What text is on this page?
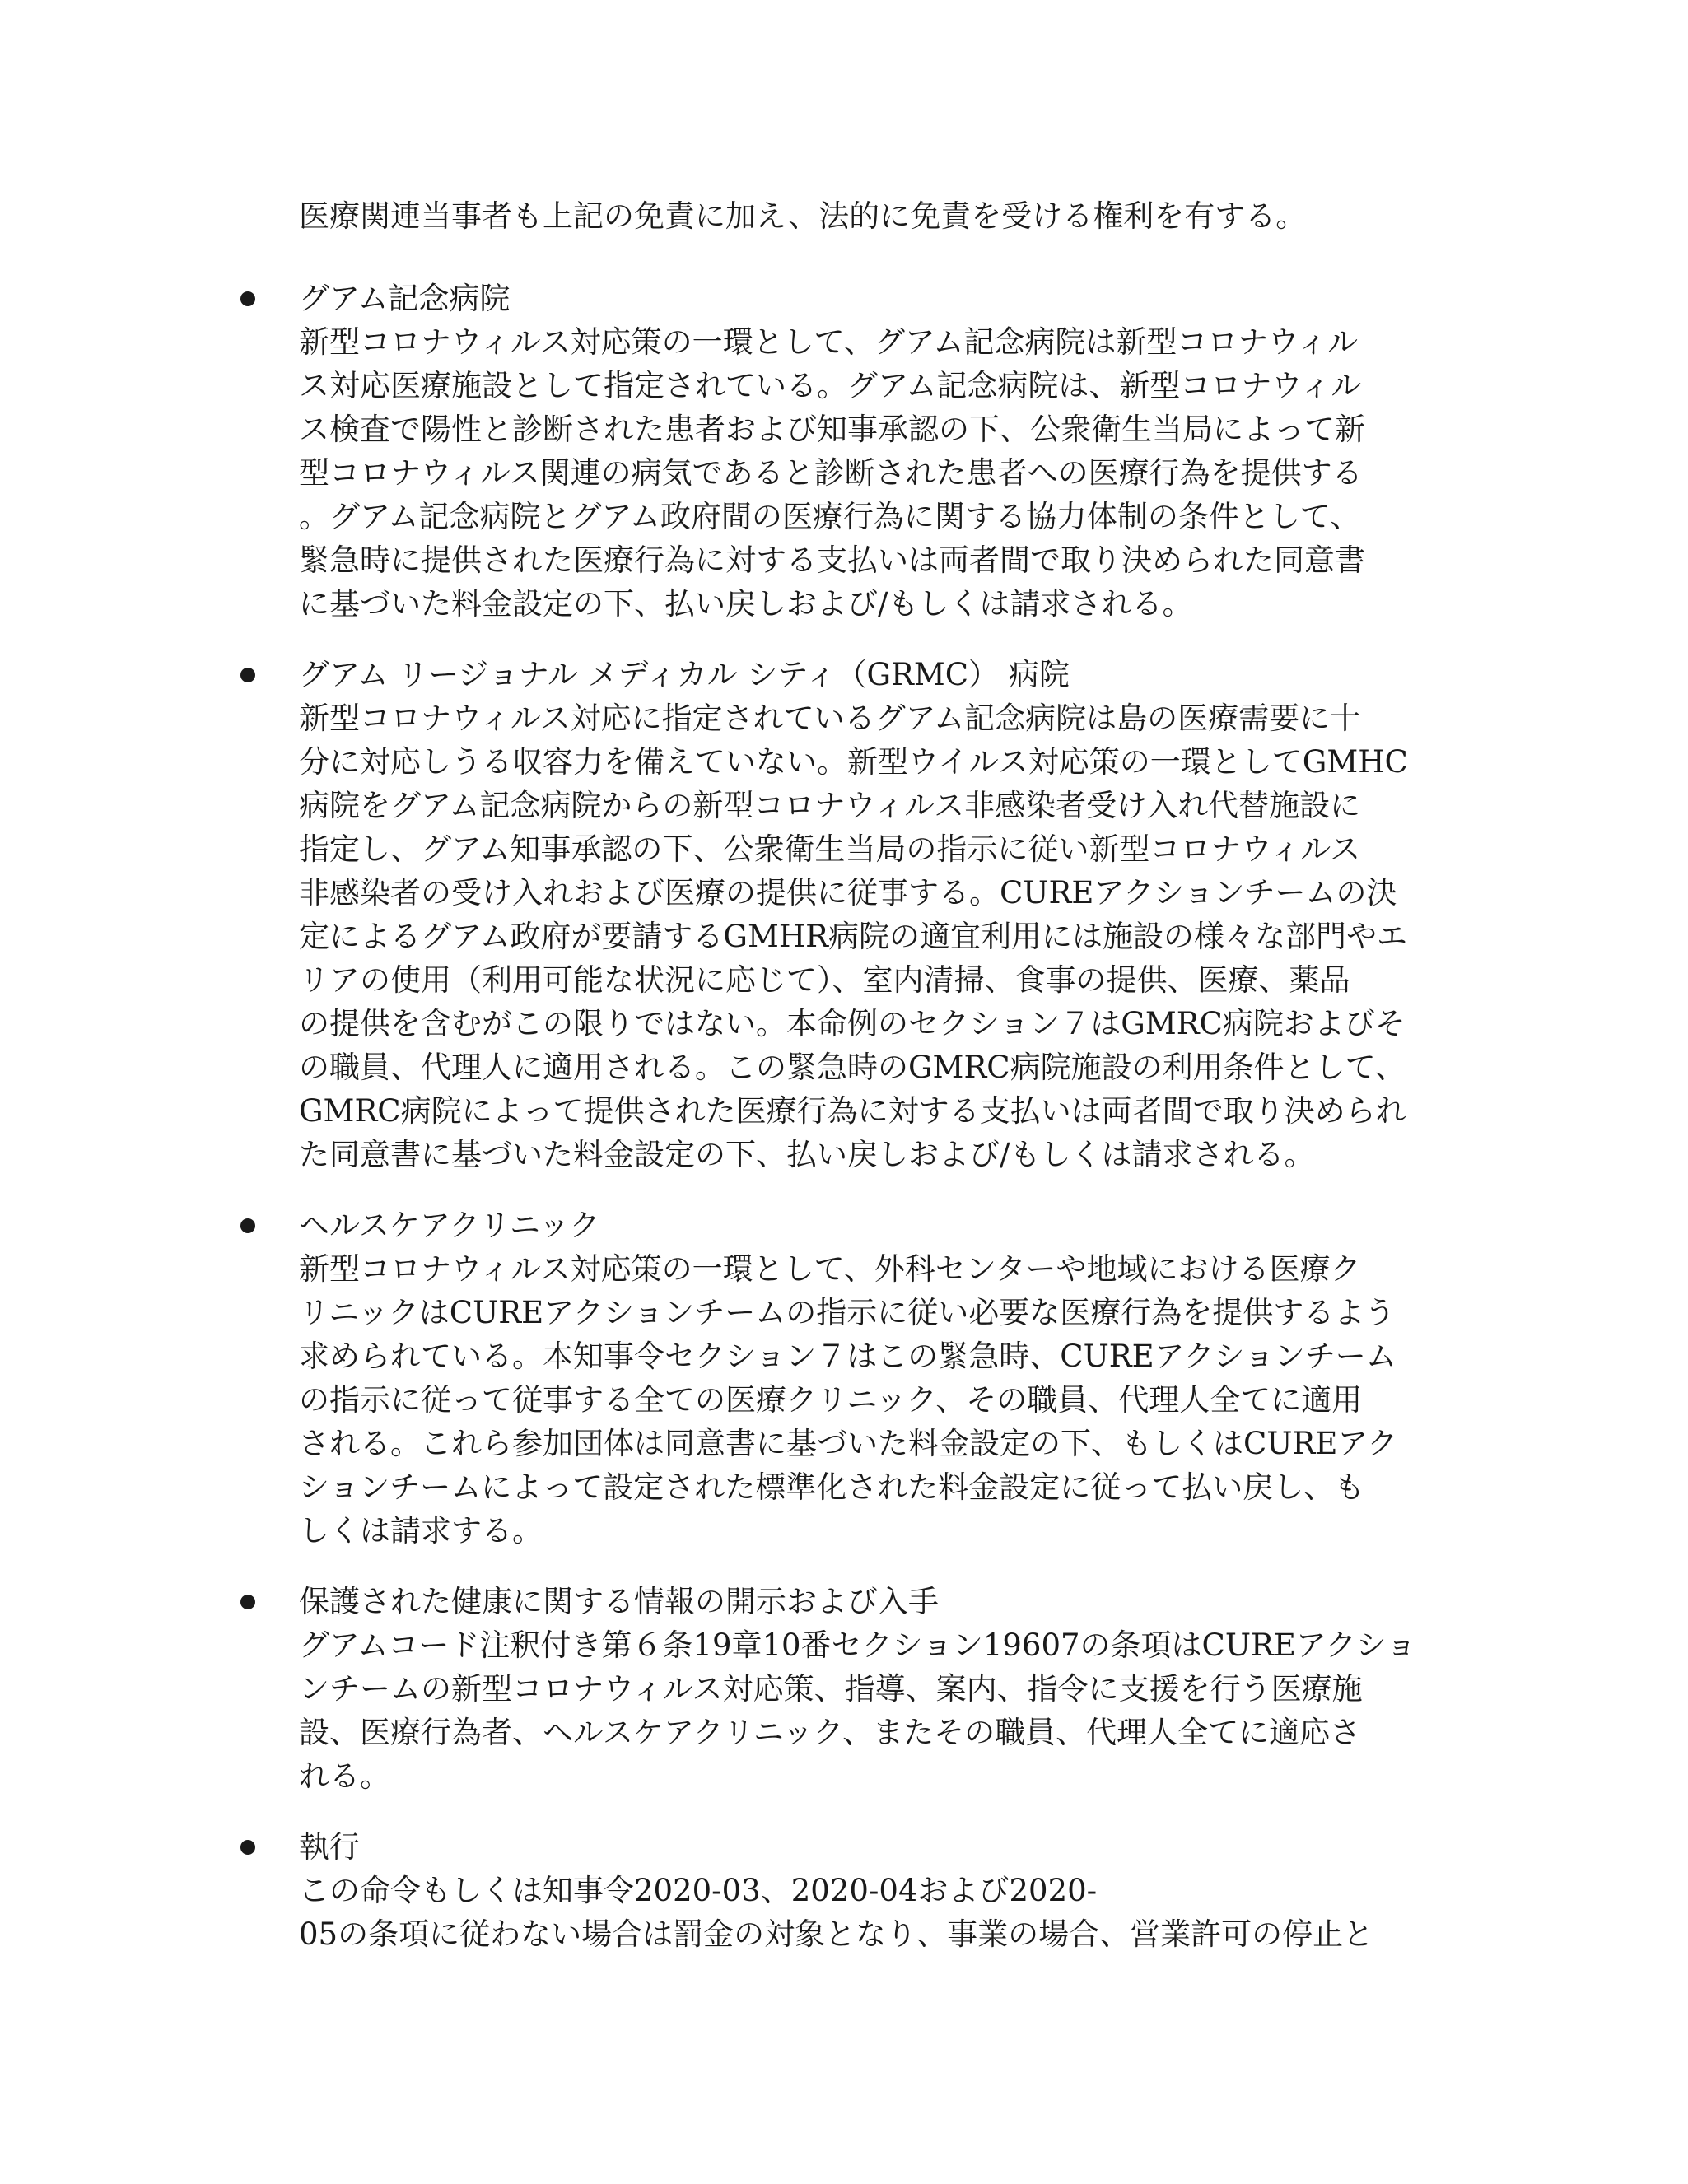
医療関連当事者も上記の免責に加え、法的に免責を受ける権利を有する。
グアム記念病院
新型コロナウィルス対応策の一環として、グアム記念病院は新型コロナウィル
ス対応医療施設として指定されている。グアム記念病院は、新型コロナウィル
ス検査で陽性と診断された患者および知事承認の下、公衆衛生当局によって新
型コロナウィルス関連の病気であると診断された患者への医療行為を提供する
。グアム記念病院とグアム政府間の医療行為に関する協力体制の条件として、
緊急時に提供された医療行為に対する支払いは両者間で取り決められた同意書
に基づいた料金設定の下、払い戻しおよび/もしくは請求される。
グアム リージョナル メディカル シティ（GRMC） 病院
新型コロナウィルス対応に指定されているグアム記念病院は島の医療需要に十
分に対応しうる収容力を備えていない。新型ウイルス対応策の一環としてGMHC
病院をグアム記念病院からの新型コロナウィルス非感染者受け入れ代替施設に
指定し、グアム知事承認の下、公衆衛生当局の指示に従い新型コロナウィルス
非感染者の受け入れおよび医療の提供に従事する。CUREアクションチームの決
定によるグアム政府が要請するGMHR病院の適宜利用には施設の様々な部門やエ
リアの使用（利用可能な状況に応じて）、室内清掃、食事の提供、医療、薬品
の提供を含むがこの限りではない。本命例のセクション７はGMRC病院およびそ
の職員、代理人に適用される。この緊急時のGMRC病院施設の利用条件として、
GMRC病院によって提供された医療行為に対する支払いは両者間で取り決められ
た同意書に基づいた料金設定の下、払い戻しおよび/もしくは請求される。
ヘルスケアクリニック
新型コロナウィルス対応策の一環として、外科センターや地域における医療ク
リニックはCUREアクションチームの指示に従い必要な医療行為を提供するよう
求められている。本知事令セクション７はこの緊急時、CUREアクションチーム
の指示に従って従事する全ての医療クリニック、その職員、代理人全てに適用
される。これら参加団体は同意書に基づいた料金設定の下、もしくはCUREアク
ションチームによって設定された標準化された料金設定に従って払い戻し、も
しくは請求する。
保護された健康に関する情報の開示および入手
グアムコード注釈付き第６条19章10番セクション19607の条項はCUREアクショ
ンチームの新型コロナウィルス対応策、指導、案内、指令に支援を行う医療施
設、医療行為者、ヘルスケアクリニック、またその職員、代理人全てに適応さ
れる。
執行
この命令もしくは知事令2020-03、2020-04および2020-
05の条項に従わない場合は罰金の対象となり、事業の場合、営業許可の停止と
